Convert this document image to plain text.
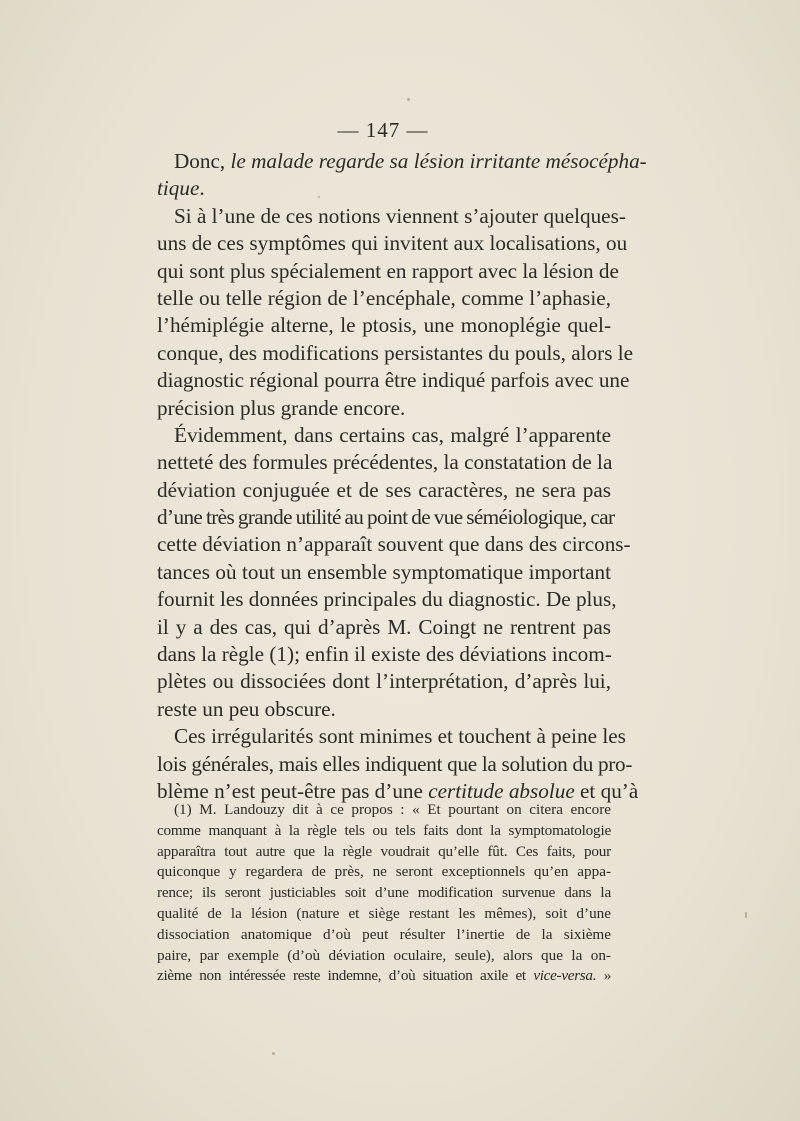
— 147 —
Donc, le malade regarde sa lésion irritante mésocépha-
tique.
Si à l’une de ces notions viennent s’ajouter quelques-
uns de ces symptômes qui invitent aux localisations, ou
qui sont plus spécialement en rapport avec la lésion de
telle ou telle région de l’encéphale, comme l’aphasie,
l’hémiplégie alterne, le ptosis, une monoplégie quel-
conque, des modifications persistantes du pouls, alors le
diagnostic régional pourra être indiqué parfois avec une
précision plus grande encore.
Évidemment, dans certains cas, malgré l’apparente
netteté des formules précédentes, la constatation de la
déviation conjuguée et de ses caractères, ne sera pas
d’une très grande utilité au point de vue séméiologique, car
cette déviation n’apparaît souvent que dans des circons-
tances où tout un ensemble symptomatique important
fournit les données principales du diagnostic. De plus,
il y a des cas, qui d’après M. Coingt ne rentrent pas
dans la règle (1); enfin il existe des déviations incom-
plètes ou dissociées dont l’interprétation, d’après lui,
reste un peu obscure.
Ces irrégularités sont minimes et touchent à peine les
lois générales, mais elles indiquent que la solution du pro-
blème n’est peut-être pas d’une certitude absolue et qu’à
(1) M. Landouzy dit à ce propos : « Et pourtant on citera encore
comme manquant à la règle tels ou tels faits dont la symptomatologie
apparaîtra tout autre que la règle voudrait qu’elle fût. Ces faits, pour
quiconque y regardera de près, ne seront exceptionnels qu’en appa-
rence; ils seront justiciables soit d’une modification survenue dans la
qualité de la lésion (nature et siège restant les mêmes), soit d’une
dissociation anatomique d’où peut résulter l’inertie de la sixième
paire, par exemple (d’où déviation oculaire, seule), alors que la on-
zième non intéressée reste indemne, d’où situation axile et vice-versa. »
